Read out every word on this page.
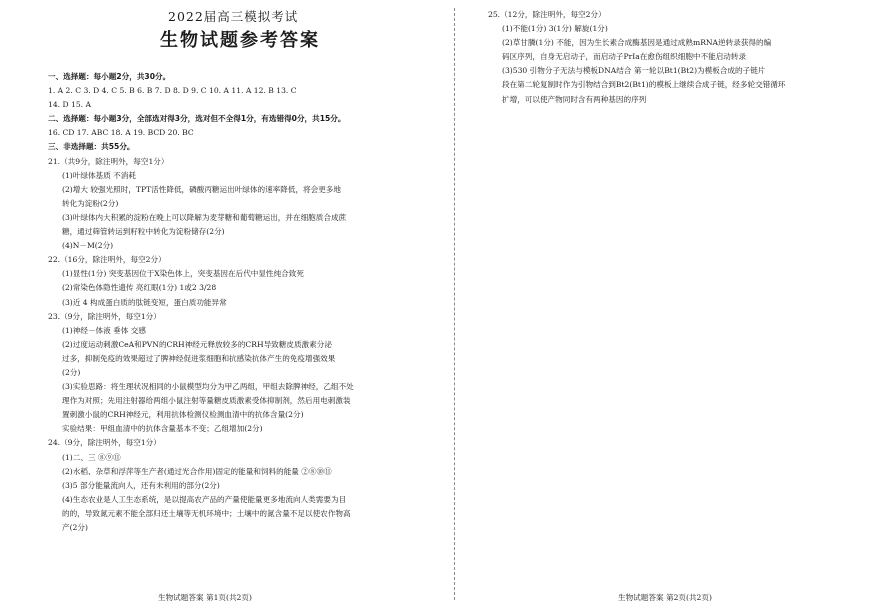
2022届高三模拟考试
生物试题参考答案
一、选择题：每小题2分，共30分。
1. A 2. C 3. D 4. C 5. B 6. B 7. D 8. D 9. C 10. A 11. A 12. B 13. C
14. D 15. A
二、选择题：每小题3分，全部选对得3分，选对但不全得1分，有选错得0分，共15分。
16. CD 17. ABC 18. A 19. BCD 20. BC
三、非选择题：共55分。
21.（共9分，除注明外，每空1分）
(1)叶绿体基质 不消耗
(2)增大 较强光照时，TPT活性降低，磷酸丙糖运出叶绿体的速率降低，将会更多地
转化为淀粉(2分)
(3)叶绿体内大积累的淀粉在晚上可以降解为麦芽糖和葡萄糖运出，并在细胞质合成蔗
糖，通过筛管转运到籽粒中转化为淀粉储存(2分)
(4)N－M(2分)
22.（16分，除注明外，每空2分）
(1)显性(1分) 突变基因位于X染色体上，突变基因在后代中显性纯合致死
(2)常染色体隐性遗传 亮红眼(1分) 1或2 3/28
(3)近 4 构成蛋白质的肽链变短，蛋白质功能异常
23.（9分，除注明外，每空1分）
(1)神经－体液 垂体 交感
(2)过度运动刺激CeA和PVN的CRH神经元释放较多的CRH导致糖皮质激素分泌
过多，抑制免疫的效果超过了脾神经促进浆细胞和抗感染抗体产生的免疫增强效果
(2分)
(3)实验思路：将生理状况相同的小鼠模型均分为甲乙两组，甲组去除脾神经，乙组不处
理作为对照；先用注射器给两组小鼠注射等量糖皮质激素受体抑制剂，然后用电刺激装
置刺激小鼠的CRH神经元，利用抗体检测仪检测血清中的抗体含量(2分)
实验结果：甲组血清中的抗体含量基本不变；乙组增加(2分)
24.（9分，除注明外，每空1分）
(1)二、三 ⑧⑨⑪
(2)水稻、杂草和浮萍等生产者(通过光合作用)固定的能量和饲料的能量 ②⑧⑩⑪
(3)5 部分能量流向人，还有未利用的部分(2分)
(4)生态农业是人工生态系统，是以提高农产品的产量使能量更多地流向人类需要为目
的的，导致氮元素不能全部归还土壤等无机环境中；土壤中的氮含量不足以使农作物高
产(2分)
生物试题答案 第1页(共2页)
25.（12分，除注明外，每空2分）
(1)不能(1分) 3(1分) 解旋(1分)
(2)草甘膦(1分) 不能，因为生长素合成酶基因是通过成熟mRNA逆转录获得的编
码区序列，自身无启动子，而启动子PrIa在愈伤组织细胞中不能启动转录
(3)530 引物分子无法与模板DNA结合 第一轮以Bt1(Bt2)为模板合成的子链片
段在第二轮复制时作为引物结合到Bt2(Bt1)的模板上继续合成子链，经多轮交错循环
扩增，可以使产物同时含有两种基因的序列
生物试题答案 第2页(共2页)
